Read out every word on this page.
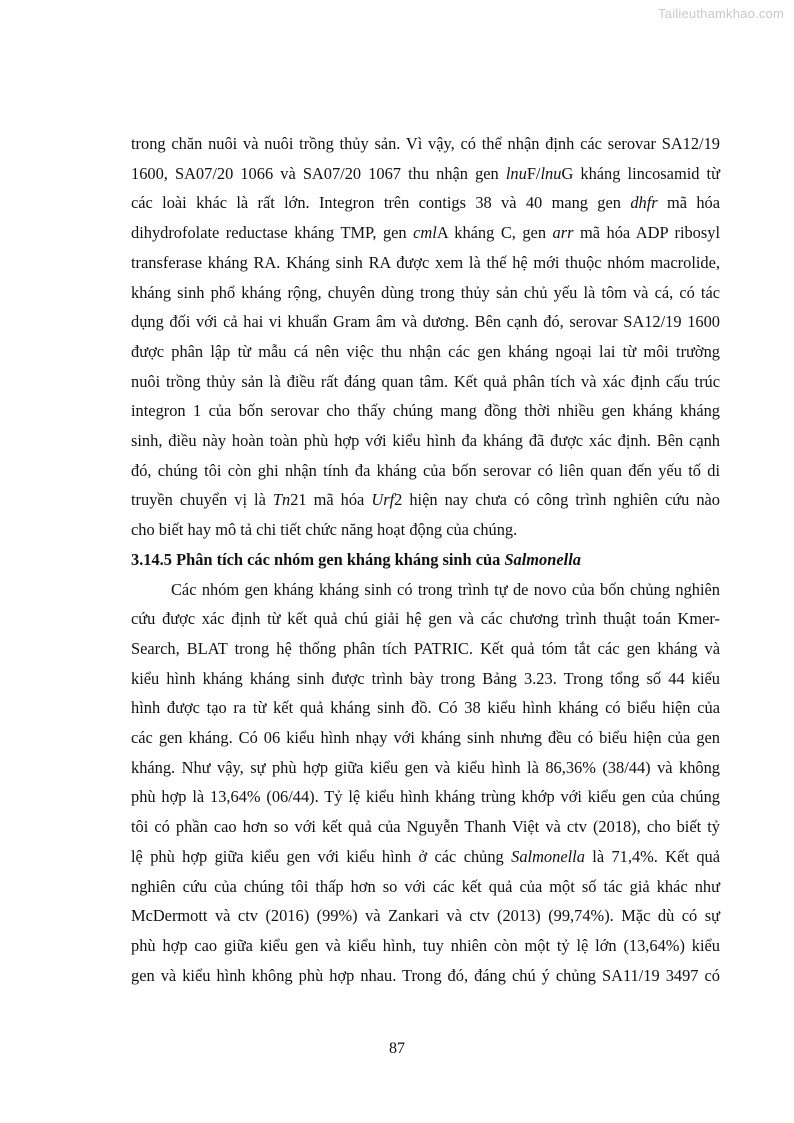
Tailieuthamkhao.com
trong chăn nuôi và nuôi trồng thủy sản. Vì vậy, có thể nhận định các serovar SA12/19
1600, SA07/20 1066 và SA07/20 1067 thu nhận gen lnuF/lnuG kháng lincosamid từ
các loài khác là rất lớn. Integron trên contigs 38 và 40 mang gen dhfr mã hóa
dihydrofolate reductase kháng TMP, gen cmlA kháng C, gen arr mã hóa ADP ribosyl
transferase kháng RA. Kháng sinh RA được xem là thế hệ mới thuộc nhóm macrolide,
kháng sinh phổ kháng rộng, chuyên dùng trong thủy sản chủ yếu là tôm và cá, có tác
dụng đối với cả hai vi khuẩn Gram âm và dương. Bên cạnh đó, serovar SA12/19 1600
được phân lập từ mẫu cá nên việc thu nhận các gen kháng ngoại lai từ môi trường
nuôi trồng thủy sản là điều rất đáng quan tâm. Kết quả phân tích và xác định cấu trúc
integron 1 của bốn serovar cho thấy chúng mang đồng thời nhiều gen kháng kháng
sinh, điều này hoàn toàn phù hợp với kiểu hình đa kháng đã được xác định. Bên cạnh
đó, chúng tôi còn ghi nhận tính đa kháng của bốn serovar có liên quan đến yếu tố di
truyền chuyển vị là Tn21 mã hóa Urf2 hiện nay chưa có công trình nghiên cứu nào
cho biết hay mô tả chi tiết chức năng hoạt động của chúng.
3.14.5 Phân tích các nhóm gen kháng kháng sinh của Salmonella
Các nhóm gen kháng kháng sinh có trong trình tự de novo của bốn chủng nghiên
cứu được xác định từ kết quả chú giải hệ gen và các chương trình thuật toán Kmer-
Search, BLAT trong hệ thống phân tích PATRIC. Kết quả tóm tắt các gen kháng và
kiểu hình kháng kháng sinh được trình bày trong Bảng 3.23. Trong tổng số 44 kiểu
hình được tạo ra từ kết quả kháng sinh đồ. Có 38 kiểu hình kháng có biểu hiện của
các gen kháng. Có 06 kiểu hình nhạy với kháng sinh nhưng đều có biểu hiện của gen
kháng. Như vậy, sự phù hợp giữa kiểu gen và kiểu hình là 86,36% (38/44) và không
phù hợp là 13,64% (06/44). Tỷ lệ kiểu hình kháng trùng khớp với kiểu gen của chúng
tôi có phần cao hơn so với kết quả của Nguyễn Thanh Việt và ctv (2018), cho biết tỷ
lệ phù hợp giữa kiểu gen với kiểu hình ở các chủng Salmonella là 71,4%. Kết quả
nghiên cứu của chúng tôi thấp hơn so với các kết quả của một số tác giả khác như
McDermott và ctv (2016) (99%) và Zankari và ctv (2013) (99,74%). Mặc dù có sự
phù hợp cao giữa kiểu gen và kiểu hình, tuy nhiên còn một tỷ lệ lớn (13,64%) kiểu
gen và kiểu hình không phù hợp nhau. Trong đó, đáng chú ý chủng SA11/19 3497 có
87
